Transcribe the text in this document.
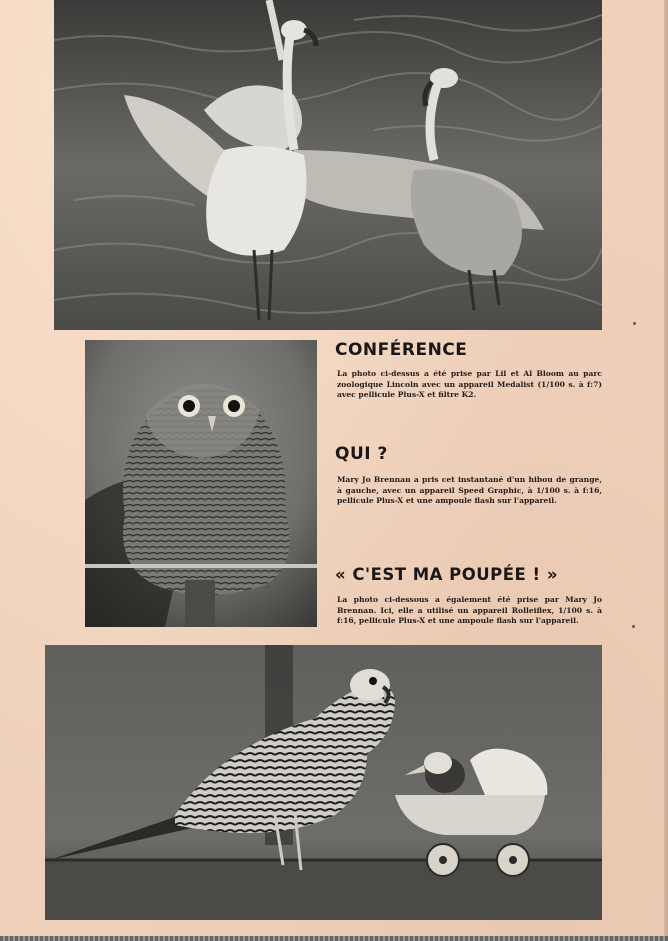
CONFÉRENCE

La photo ci-dessus a été prise par Lil et Al Bloom au parc zoologique Lincoln avec un appareil Medalist (1/100 s. à f:7) avec pellicule Plus-X et filtre K2.

QUI ?

Mary Jo Brennan a pris cet instantané d'un hibou de grange, à gauche, avec un appareil Speed Graphic, à 1/100 s. à f:16, pellicule Plus-X et une ampoule flash sur l'appareil.

« C'EST MA POUPÉE ! »

La photo ci-dessous a également été prise par Mary Jo Brennan. Ici, elle a utilisé un appareil Rolleiflex, 1/100 s. à f:16, pellicule Plus-X et une ampoule flash sur l'appareil.
